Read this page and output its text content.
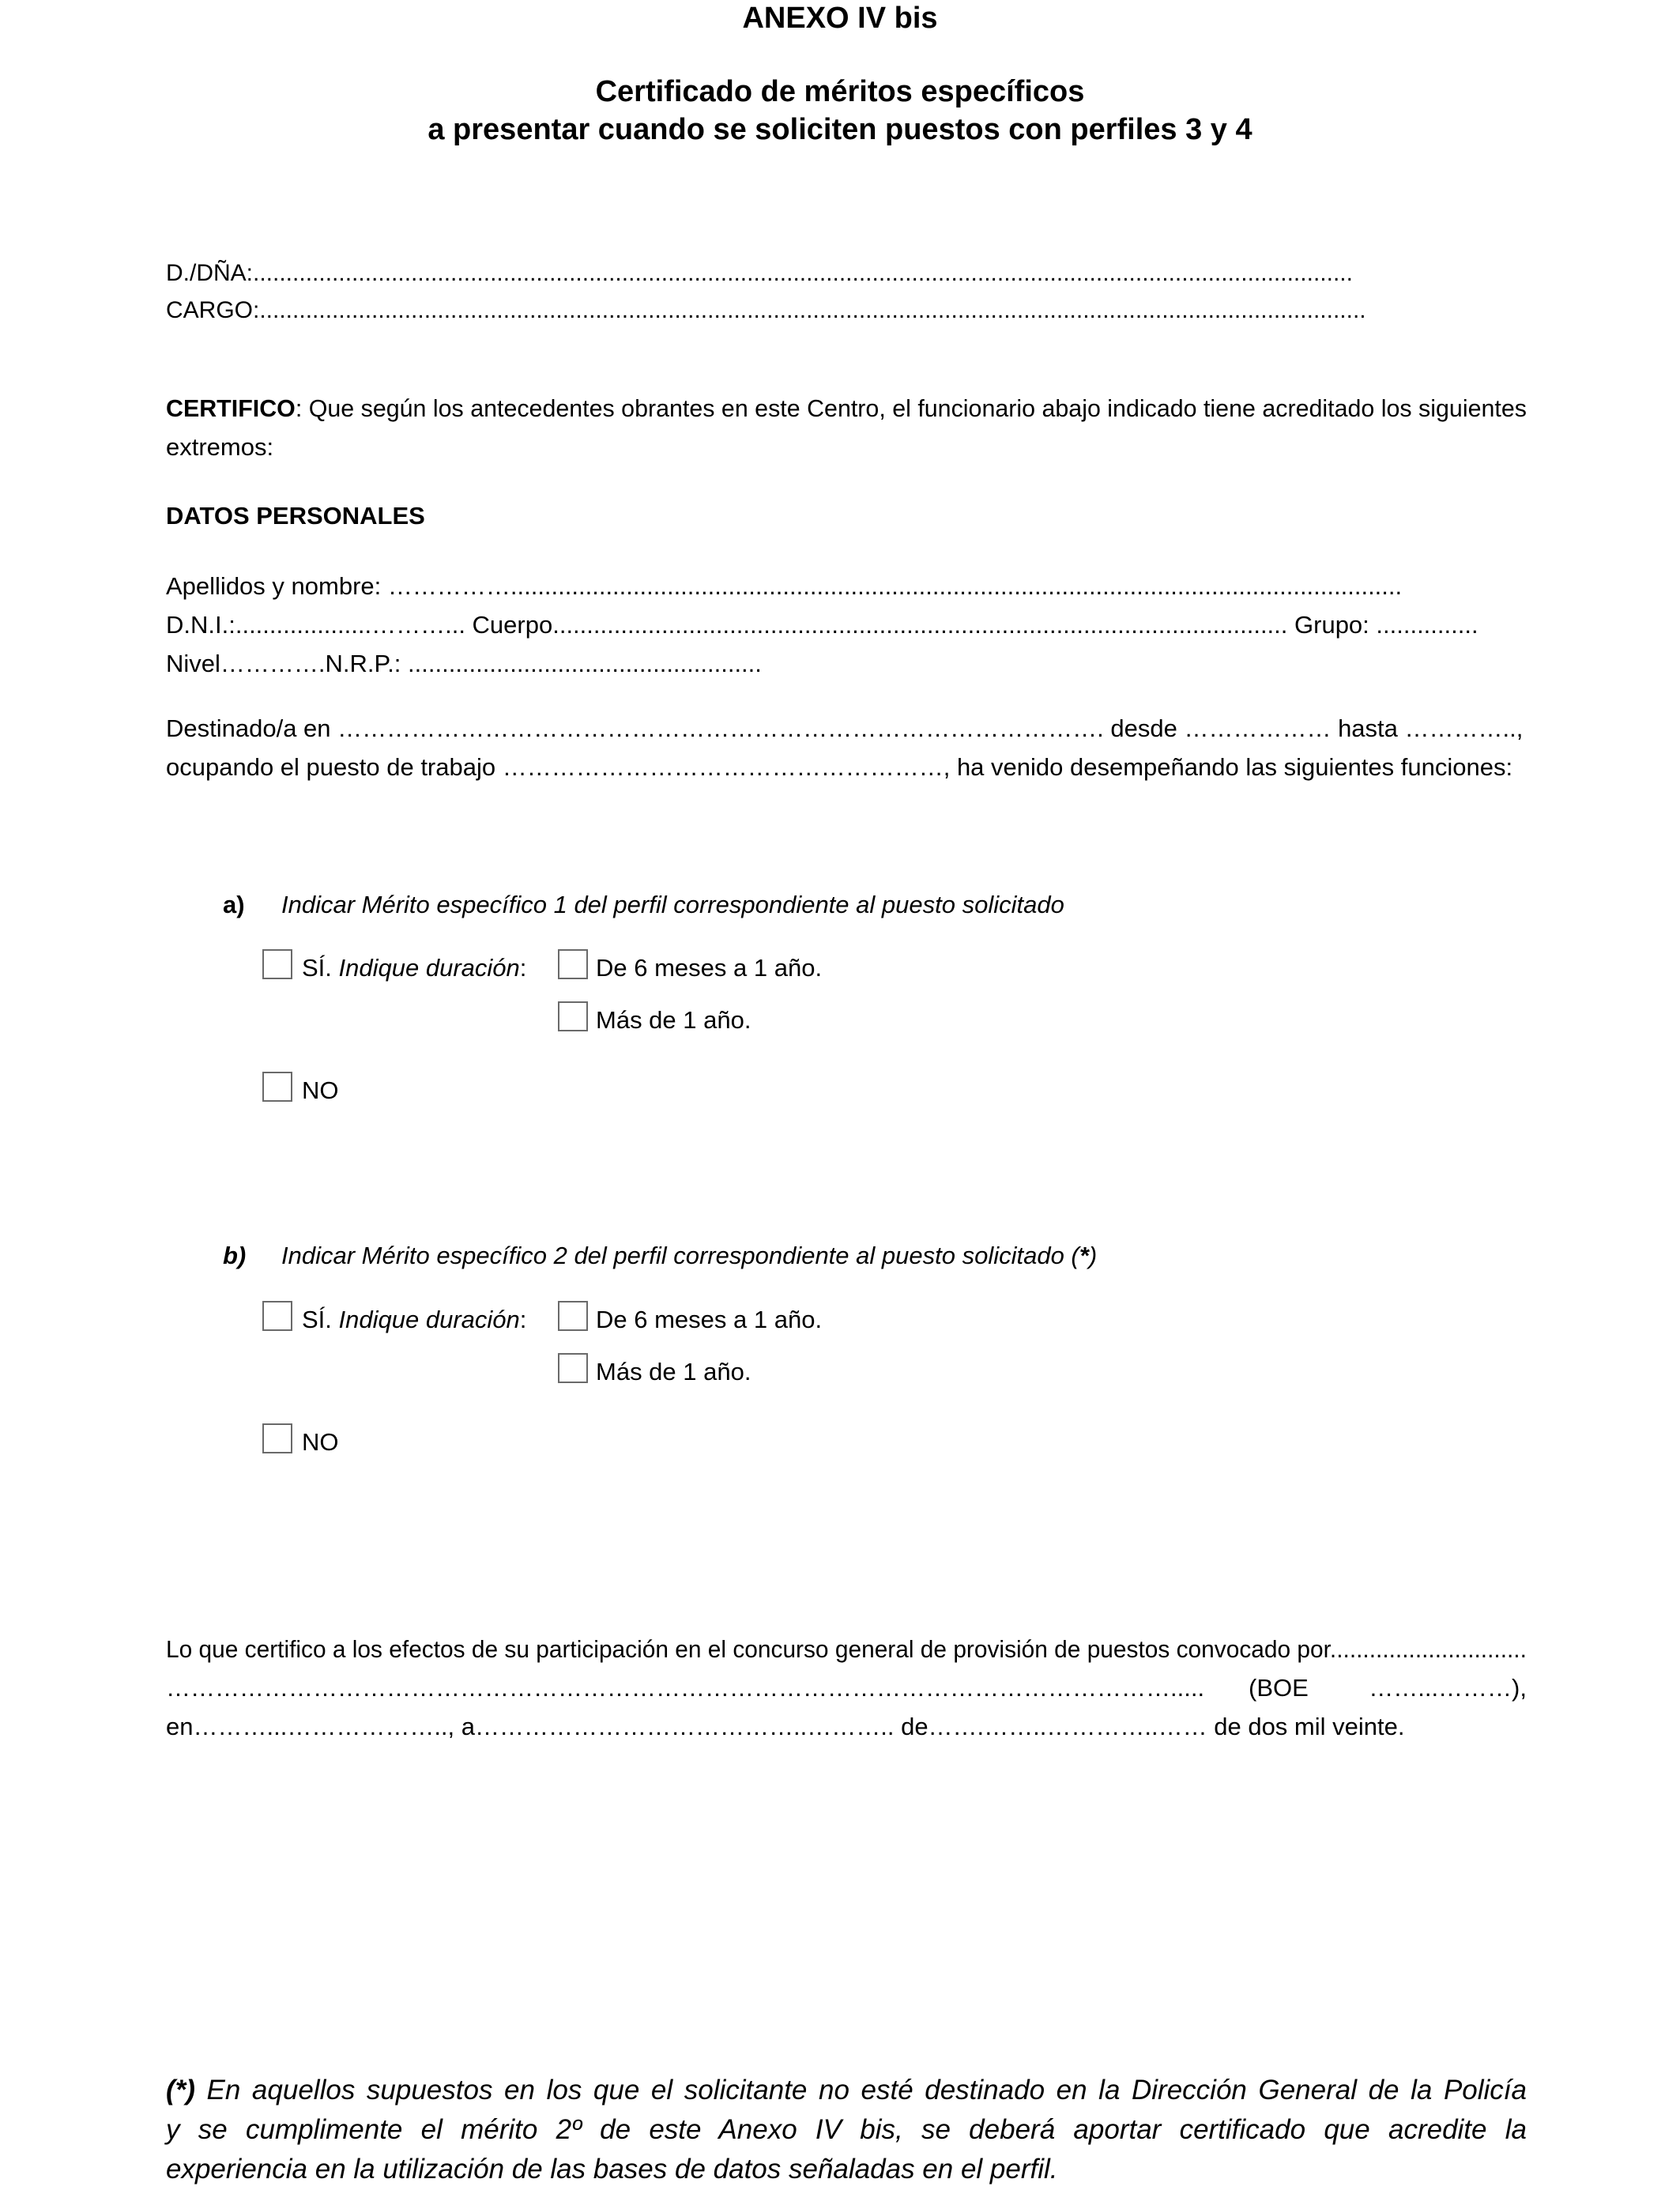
ANEXO IV bis
Certificado de méritos específicos
a presentar cuando se soliciten puestos con perfiles 3 y 4
D./DÑA:.......................................................................................................................................................................
CARGO:........................................................................................................................................................................
CERTIFICO: Que según los antecedentes obrantes en este Centro, el funcionario abajo indicado tiene acreditado los siguientes
extremos:
DATOS PERSONALES
Apellidos y nombre: ……………...................................................................................................................................
D.N.I.:....................………... Cuerpo............................................................................................................ Grupo: ...............
Nivel………….N.R.P.: ....................................................
Destinado/a en …………………………………………………………………………………. desde ……………… hasta …………..,
ocupando el puesto de trabajo ………………………………………………, ha venido desempeñando las siguientes funciones:
a) Indicar Mérito específico 1 del perfil correspondiente al puesto solicitado
SÍ. Indique duración:	De 6 meses a 1 año.
Más de 1 año.
NO
b) Indicar Mérito específico 2 del perfil correspondiente al puesto solicitado (*)
SÍ. Indique duración:	De 6 meses a 1 año.
Más de 1 año.
NO
Lo que certifico a los efectos de su participación en el concurso general de provisión de puestos convocado por..............................
……………………………………………………………………………………………………………..... (BOE ……...………),
en………...……………….., a…………………………………..……….. de…….……..…………..…… de dos mil veinte.
(*) En aquellos supuestos en los que el solicitante no esté destinado en la Dirección General de la Policía
y se cumplimente el mérito 2º de este Anexo IV bis, se deberá aportar certificado que acredite la
experiencia en la utilización de las bases de datos señaladas en el perfil.
